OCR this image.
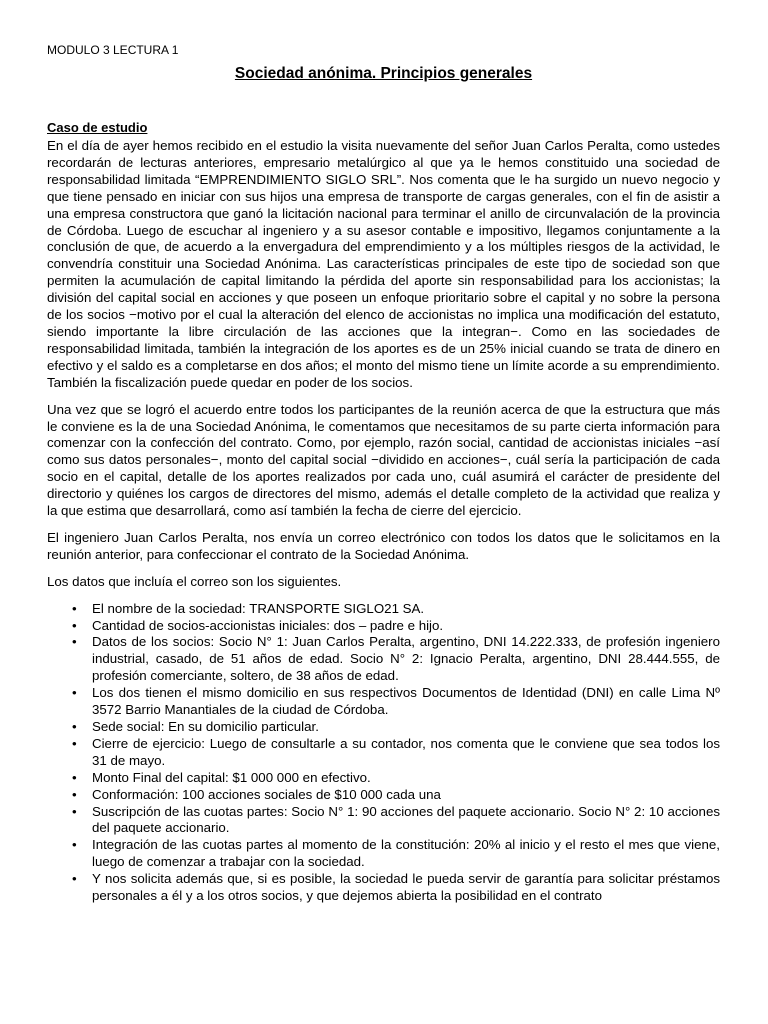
MODULO 3 LECTURA 1
Sociedad anónima. Principios generales
Caso de estudio

En el día de ayer hemos recibido en el estudio la visita nuevamente del señor Juan Carlos Peralta, como ustedes recordarán de lecturas anteriores, empresario metalúrgico al que ya le hemos constituido una sociedad de responsabilidad limitada “EMPRENDIMIENTO SIGLO SRL”. Nos comenta que le ha surgido un nuevo negocio y que tiene pensado en iniciar con sus hijos una empresa de transporte de cargas generales, con el fin de asistir a una empresa constructora que ganó la licitación nacional para terminar el anillo de circunvalación de la provincia de Córdoba. Luego de escuchar al ingeniero y a su asesor contable e impositivo, llegamos conjuntamente a la conclusión de que, de acuerdo a la envergadura del emprendimiento y a los múltiples riesgos de la actividad, le convendría constituir una Sociedad Anónima. Las características principales de este tipo de sociedad son que permiten la acumulación de capital limitando la pérdida del aporte sin responsabilidad para los accionistas; la división del capital social en acciones y que poseen un enfoque prioritario sobre el capital y no sobre la persona de los socios −motivo por el cual la alteración del elenco de accionistas no implica una modificación del estatuto, siendo importante la libre circulación de las acciones que la integran−. Como en las sociedades de responsabilidad limitada, también la integración de los aportes es de un 25% inicial cuando se trata de dinero en efectivo y el saldo es a completarse en dos años; el monto del mismo tiene un límite acorde a su emprendimiento. También la fiscalización puede quedar en poder de los socios.

Una vez que se logró el acuerdo entre todos los participantes de la reunión acerca de que la estructura que más le conviene es la de una Sociedad Anónima, le comentamos que necesitamos de su parte cierta información para comenzar con la confección del contrato. Como, por ejemplo, razón social, cantidad de accionistas iniciales −así como sus datos personales−, monto del capital social −dividido en acciones−, cuál sería la participación de cada socio en el capital, detalle de los aportes realizados por cada uno, cuál asumirá el carácter de presidente del directorio y quiénes los cargos de directores del mismo, además el detalle completo de la actividad que realiza y la que estima que desarrollará, como así también la fecha de cierre del ejercicio.

El ingeniero Juan Carlos Peralta, nos envía un correo electrónico con todos los datos que le solicitamos en la reunión anterior, para confeccionar el contrato de la Sociedad Anónima.

Los datos que incluía el correo son los siguientes.

• El nombre de la sociedad: TRANSPORTE SIGLO21 SA.
• Cantidad de socios-accionistas iniciales: dos – padre e hijo.
• Datos de los socios: Socio N° 1: Juan Carlos Peralta, argentino, DNI 14.222.333, de profesión ingeniero industrial, casado, de 51 años de edad. Socio N° 2: Ignacio Peralta, argentino, DNI 28.444.555, de profesión comerciante, soltero, de 38 años de edad.
• Los dos tienen el mismo domicilio en sus respectivos Documentos de Identidad (DNI) en calle Lima Nº 3572 Barrio Manantiales de la ciudad de Córdoba.
• Sede social: En su domicilio particular.
• Cierre de ejercicio: Luego de consultarle a su contador, nos comenta que le conviene que sea todos los 31 de mayo.
• Monto Final del capital: $1 000 000 en efectivo.
• Conformación: 100 acciones sociales de $10 000 cada una
• Suscripción de las cuotas partes: Socio N° 1: 90 acciones del paquete accionario. Socio N° 2: 10 acciones del paquete accionario.
• Integración de las cuotas partes al momento de la constitución: 20% al inicio y el resto el mes que viene, luego de comenzar a trabajar con la sociedad.
• Y nos solicita además que, si es posible, la sociedad le pueda servir de garantía para solicitar préstamos personales a él y a los otros socios, y que dejemos abierta la posibilidad en el contrato
